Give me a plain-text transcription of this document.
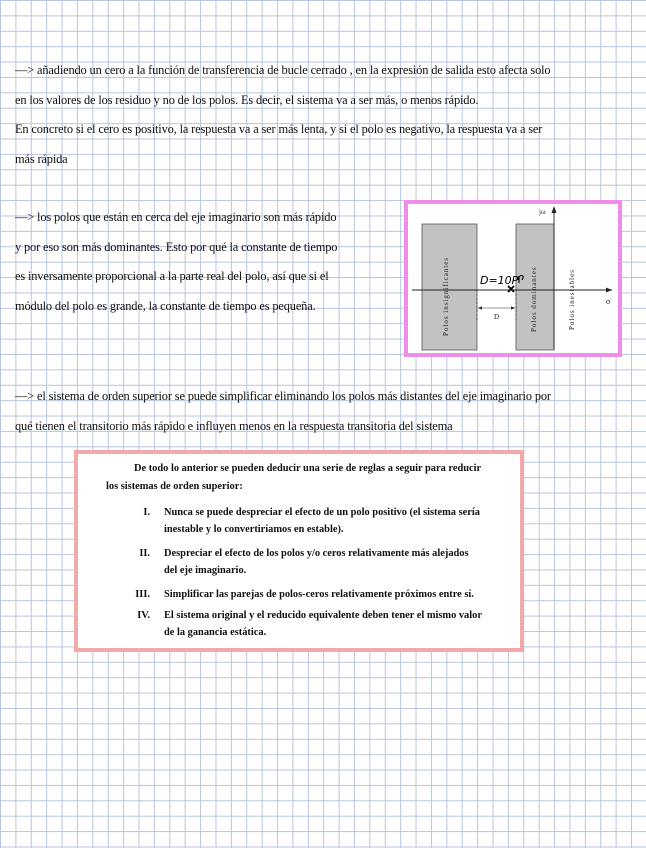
—> añadiendo un cero a la función de transferencia de bucle cerrado , en la expresión de salida esto afecta solo
en los valores de los residuo y no de los polos. Es decir, el sistema va a ser más, o menos rápido.
En concreto si el cero es positivo, la respuesta va a ser más lenta, y si el polo es negativo, la respuesta va a ser
más rápida
—> los polos que están en cerca del eje imaginario son más rápido
y por eso son más dominantes. Esto por qué la constante de tiempo
es inversamente proporcional a la parte real del polo, así que si el
módulo del polo es grande, la constante de tiempo es pequeña.
jω
σ
Polos insignificantes	Polos dominantes	Polos inestables
D
D=10P
—> el sistema de orden superior se puede simplificar eliminando los polos más distantes del eje imaginario por
qué tienen el transitorio más rápido e influyen menos en la respuesta transitoria del sistema
De todo lo anterior se pueden deducir una serie de reglas a seguir para reducir
los sistemas de orden superior:
I. Nunca se puede despreciar el efecto de un polo positivo (el sistema sería
inestable y lo convertiríamos en estable).
II. Despreciar el efecto de los polos y/o ceros relativamente más alejados
del eje imaginario.
III. Simplificar las parejas de polos-ceros relativamente próximos entre sí.
IV. El sistema original y el reducido equivalente deben tener el mismo valor
de la ganancia estática.
